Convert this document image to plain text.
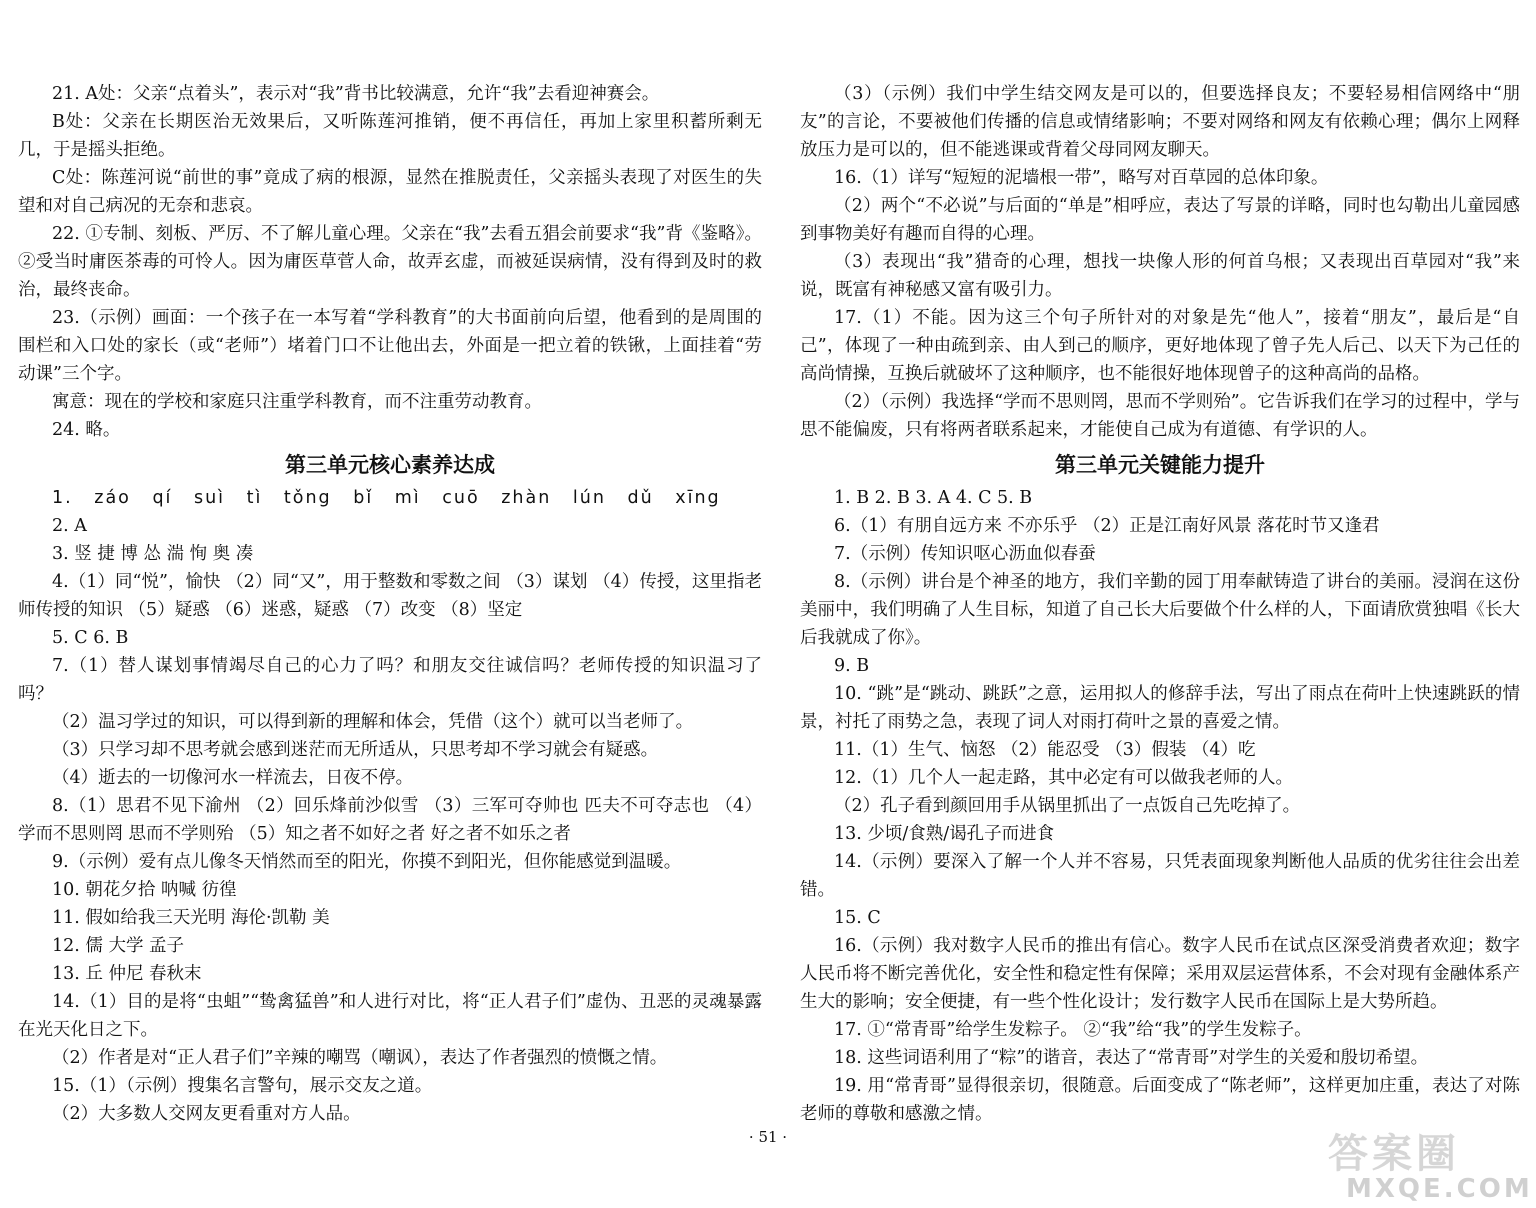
21. A处：父亲“点着头”，表示对“我”背书比较满意，允许“我”去看迎神赛会。

B处：父亲在长期医治无效果后，又听陈莲河推销，便不再信任，再加上家里积蓄所剩无几，于是摇头拒绝。

C处：陈莲河说“前世的事”竟成了病的根源，显然在推脱责任，父亲摇头表现了对医生的失望和对自己病况的无奈和悲哀。

22. ①专制、刻板、严厉、不了解儿童心理。父亲在“我”去看五猖会前要求“我”背《鉴略》。②受当时庸医茶毒的可怜人。因为庸医草菅人命，故弄玄虚，而被延误病情，没有得到及时的救治，最终丧命。

23.（示例）画面：一个孩子在一本写着“学科教育”的大书面前向后望，他看到的是周围的围栏和入口处的家长（或“老师”）堵着门口不让他出去，外面是一把立着的铁锹，上面挂着“劳动课”三个字。

寓意：现在的学校和家庭只注重学科教育，而不注重劳动教育。

24. 略。

第三单元核心素养达成

1. záo qí suì tì tǒng bǐ mì cuō zhàn lún dǔ xīng

2. A

3. 竖 捷 博 怂 湍 恂 奥 凑

4.（1）同“悦”，愉快 （2）同“又”，用于整数和零数之间 （3）谋划 （4）传授，这里指老师传授的知识 （5）疑惑 （6）迷惑，疑惑 （7）改变 （8）坚定

5. C 6. B

7.（1）替人谋划事情竭尽自己的心力了吗？和朋友交往诚信吗？老师传授的知识温习了吗？

（2）温习学过的知识，可以得到新的理解和体会，凭借（这个）就可以当老师了。

（3）只学习却不思考就会感到迷茫而无所适从，只思考却不学习就会有疑惑。

（4）逝去的一切像河水一样流去，日夜不停。

8.（1）思君不见下渝州 （2）回乐烽前沙似雪 （3）三军可夺帅也 匹夫不可夺志也 （4）学而不思则罔 思而不学则殆 （5）知之者不如好之者 好之者不如乐之者

9.（示例）爱有点儿像冬天悄然而至的阳光，你摸不到阳光，但你能感觉到温暖。

10. 朝花夕拾 呐喊 彷徨

11. 假如给我三天光明 海伦·凯勒 美

12. 儒 大学 孟子

13. 丘 仲尼 春秋末

14.（1）目的是将“虫蛆”“鸷禽猛兽”和人进行对比，将“正人君子们”虚伪、丑恶的灵魂暴露在光天化日之下。

（2）作者是对“正人君子们”辛辣的嘲骂（嘲讽），表达了作者强烈的愤慨之情。

15.（1）（示例）搜集名言警句，展示交友之道。

（2）大多数人交网友更看重对方人品。

（3）（示例）我们中学生结交网友是可以的，但要选择良友；不要轻易相信网络中“朋友”的言论，不要被他们传播的信息或情绪影响；不要对网络和网友有依赖心理；偶尔上网释放压力是可以的，但不能逃课或背着父母同网友聊天。

16.（1）详写“短短的泥墙根一带”，略写对百草园的总体印象。

（2）两个“不必说”与后面的“单是”相呼应，表达了写景的详略，同时也勾勒出儿童园感到事物美好有趣而自得的心理。

（3）表现出“我”猎奇的心理，想找一块像人形的何首乌根；又表现出百草园对“我”来说，既富有神秘感又富有吸引力。

17.（1）不能。因为这三个句子所针对的对象是先“他人”，接着“朋友”，最后是“自己”，体现了一种由疏到亲、由人到己的顺序，更好地体现了曾子先人后己、以天下为己任的高尚情操，互换后就破坏了这种顺序，也不能很好地体现曾子的这种高尚的品格。

（2）（示例）我选择“学而不思则罔，思而不学则殆”。它告诉我们在学习的过程中，学与思不能偏废，只有将两者联系起来，才能使自己成为有道德、有学识的人。

第三单元关键能力提升

1. B 2. B 3. A 4. C 5. B

6.（1）有朋自远方来 不亦乐乎 （2）正是江南好风景 落花时节又逢君

7.（示例）传知识呕心沥血似春蚕

8.（示例）讲台是个神圣的地方，我们辛勤的园丁用奉献铸造了讲台的美丽。浸润在这份美丽中，我们明确了人生目标，知道了自己长大后要做个什么样的人，下面请欣赏独唱《长大后我就成了你》。

9. B

10. “跳”是“跳动、跳跃”之意，运用拟人的修辞手法，写出了雨点在荷叶上快速跳跃的情景，衬托了雨势之急，表现了词人对雨打荷叶之景的喜爱之情。

11.（1）生气、恼怒 （2）能忍受 （3）假装 （4）吃

12.（1）几个人一起走路，其中必定有可以做我老师的人。

（2）孔子看到颜回用手从锅里抓出了一点饭自己先吃掉了。

13. 少顷/食熟/谒孔子而进食

14.（示例）要深入了解一个人并不容易，只凭表面现象判断他人品质的优劣往往会出差错。

15. C

16.（示例）我对数字人民币的推出有信心。数字人民币在试点区深受消费者欢迎；数字人民币将不断完善优化，安全性和稳定性有保障；采用双层运营体系，不会对现有金融体系产生大的影响；安全便捷，有一些个性化设计；发行数字人民币在国际上是大势所趋。

17. ①“常青哥”给学生发粽子。 ②“我”给“我”的学生发粽子。

18. 这些词语利用了“粽”的谐音，表达了“常青哥”对学生的关爱和殷切希望。

19. 用“常青哥”显得很亲切，很随意。后面变成了“陈老师”，这样更加庄重，表达了对陈老师的尊敬和感激之情。

· 51 ·	答案圈
MXQE.COM
